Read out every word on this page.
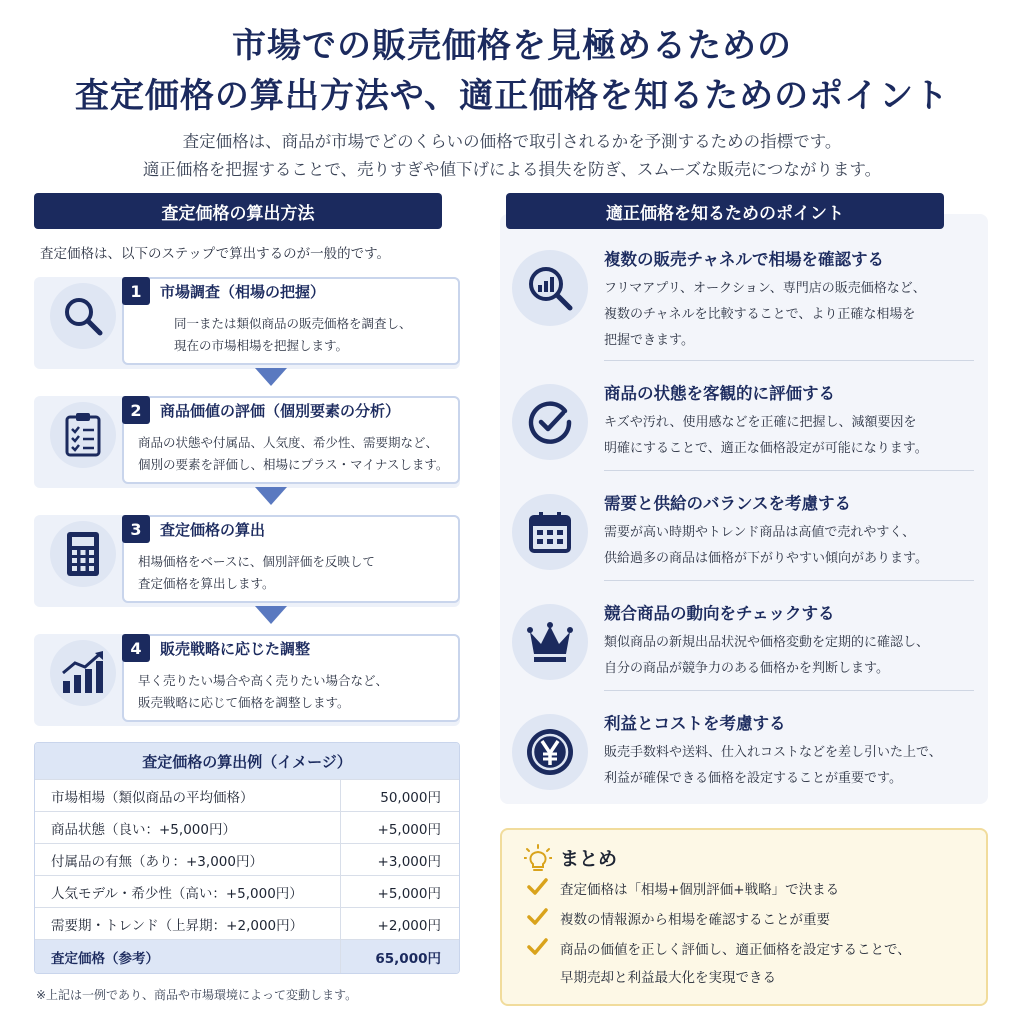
市場での販売価格を見極めるための
査定価格の算出方法や、適正価格を知るためのポイント
査定価格は、商品が市場でどのくらいの価格で取引されるかを予測するための指標です。
適正価格を把握することで、売りすぎや値下げによる損失を防ぎ、スムーズな販売につながります。
査定価格の算出方法
査定価格は、以下のステップで算出するのが一般的です。
1	市場調査（相場の把握）
同一または類似商品の販売価格を調査し、
現在の市場相場を把握します。
2	商品価値の評価（個別要素の分析）
商品の状態や付属品、人気度、希少性、需要期など、
個別の要素を評価し、相場にプラス・マイナスします。
3	査定価格の算出
相場価格をベースに、個別評価を反映して
査定価格を算出します。
4	販売戦略に応じた調整
早く売りたい場合や高く売りたい場合など、
販売戦略に応じて価格を調整します。
査定価格の算出例（イメージ）
市場相場（類似商品の平均価格）	50,000円
商品状態（良い：+5,000円）	+5,000円
付属品の有無（あり：+3,000円）	+3,000円
人気モデル・希少性（高い：+5,000円）	+5,000円
需要期・トレンド（上昇期：+2,000円）	+2,000円
査定価格（参考）	65,000円
※上記は一例であり、商品や市場環境によって変動します。
適正価格を知るためのポイント
複数の販売チャネルで相場を確認する
フリマアプリ、オークション、専門店の販売価格など、
複数のチャネルを比較することで、より正確な相場を
把握できます。
商品の状態を客観的に評価する
キズや汚れ、使用感などを正確に把握し、減額要因を
明確にすることで、適正な価格設定が可能になります。
需要と供給のバランスを考慮する
需要が高い時期やトレンド商品は高値で売れやすく、
供給過多の商品は価格が下がりやすい傾向があります。
競合商品の動向をチェックする
類似商品の新規出品状況や価格変動を定期的に確認し、
自分の商品が競争力のある価格かを判断します。
利益とコストを考慮する
販売手数料や送料、仕入れコストなどを差し引いた上で、
利益が確保できる価格を設定することが重要です。
まとめ
査定価格は「相場+個別評価+戦略」で決まる
複数の情報源から相場を確認することが重要
商品の価値を正しく評価し、適正価格を設定することで、
早期売却と利益最大化を実現できる
